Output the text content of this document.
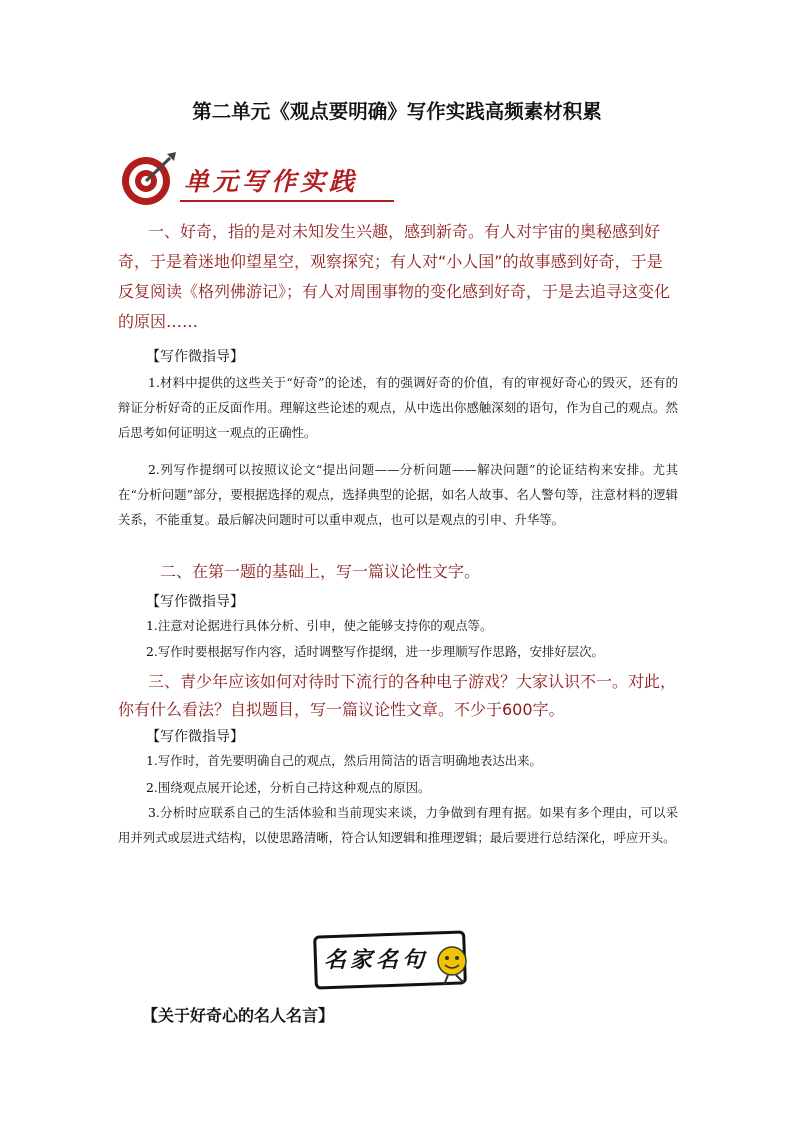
第二单元《观点要明确》写作实践高频素材积累
单元写作实践
一、好奇，指的是对未知发生兴趣，感到新奇。有人对宇宙的奥秘感到好奇，于是着迷地仰望星空，观察探究；有人对“小人国”的故事感到好奇，于是反复阅读《格列佛游记》；有人对周围事物的变化感到好奇，于是去追寻这变化的原因……
【写作微指导】
1.材料中提供的这些关于“好奇”的论述，有的强调好奇的价值，有的审视好奇心的毁灭，还有的辩证分析好奇的正反面作用。理解这些论述的观点，从中选出你感触深刻的语句，作为自己的观点。然后思考如何证明这一观点的正确性。
2.列写作提纲可以按照议论文“提出问题——分析问题——解决问题”的论证结构来安排。尤其在“分析问题”部分，要根据选择的观点，选择典型的论据，如名人故事、名人警句等，注意材料的逻辑关系，不能重复。最后解决问题时可以重申观点，也可以是观点的引申、升华等。
二、在第一题的基础上，写一篇议论性文字。
【写作微指导】
1.注意对论据进行具体分析、引申，使之能够支持你的观点等。
2.写作时要根据写作内容，适时调整写作提纲，进一步理顺写作思路，安排好层次。
三、青少年应该如何对待时下流行的各种电子游戏？大家认识不一。对此，你有什么看法？自拟题目，写一篇议论性文章。不少于600字。
【写作微指导】
1.写作时，首先要明确自己的观点，然后用简洁的语言明确地表达出来。
2.围绕观点展开论述，分析自己持这种观点的原因。
3.分析时应联系自己的生活体验和当前现实来谈，力争做到有理有据。如果有多个理由，可以采用并列式或层进式结构，以使思路清晰，符合认知逻辑和推理逻辑；最后要进行总结深化，呼应开头。
名家名句
【关于好奇心的名人名言】
